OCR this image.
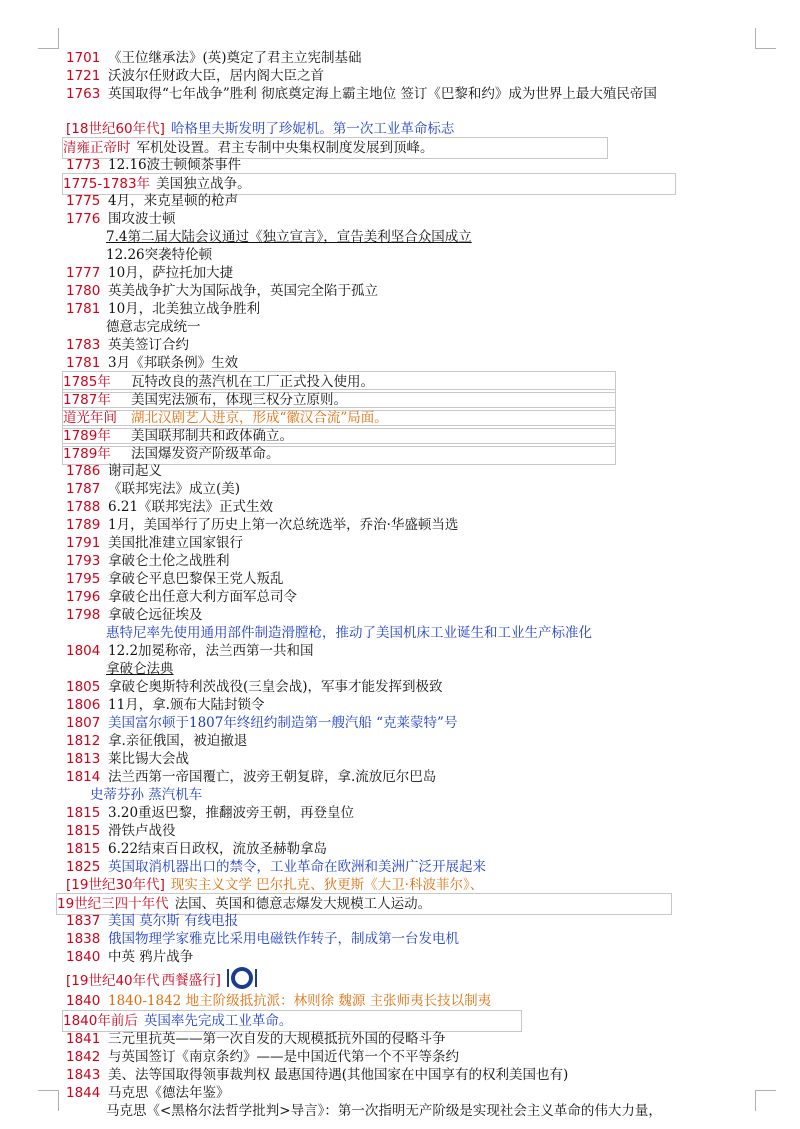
1701 《王位继承法》(英)奠定了君主立宪制基础
1721 沃波尔任财政大臣，居内阁大臣之首
1763 英国取得“七年战争”胜利 彻底奠定海上霸主地位 签订《巴黎和约》成为世界上最大殖民帝国
[18世纪60年代] 哈格里夫斯发明了珍妮机。第一次工业革命标志
清雍正帝时 军机处设置。君主专制中央集权制度发展到顶峰。
1773 12.16波士顿倾茶事件
1775-1783年 美国独立战争。
1775 4月，来克星顿的枪声
1776 围攻波士顿
7.4第二届大陆会议通过《独立宣言》，宣告美利坚合众国成立
12.26突袭特伦顿
1777 10月，萨拉托加大捷
1780 英美战争扩大为国际战争，英国完全陷于孤立
1781 10月，北美独立战争胜利
德意志完成统一
1783 英美签订合约
1781 3月《邦联条例》生效
1785年 瓦特改良的蒸汽机在工厂正式投入使用。
1787年 美国宪法颁布，体现三权分立原则。
道光年间 湖北汉剧艺人进京，形成“徽汉合流”局面。
1789年 美国联邦制共和政体确立。
1789年 法国爆发资产阶级革命。
1786 谢司起义
1787 《联邦宪法》成立(美)
1788 6.21《联邦宪法》正式生效
1789 1月，美国举行了历史上第一次总统选举，乔治·华盛顿当选
1791 美国批准建立国家银行
1793 拿破仑土伦之战胜利
1795 拿破仑平息巴黎保王党人叛乱
1796 拿破仑出任意大利方面军总司令
1798 拿破仑远征埃及
惠特尼率先使用通用部件制造滑膛枪，推动了美国机床工业诞生和工业生产标准化
1804 12.2加冕称帝，法兰西第一共和国
拿破仑法典
1805 拿破仑奥斯特利茨战役(三皇会战)，军事才能发挥到极致
1806 11月，拿.颁布大陆封锁令
1807 美国富尔顿于1807年终纽约制造第一艘汽船 “克莱蒙特”号
1812 拿.亲征俄国，被迫撤退
1813 莱比锡大会战
1814 法兰西第一帝国覆亡，波旁王朝复辟，拿.流放厄尔巴岛
史蒂芬孙 蒸汽机车
1815 3.20重返巴黎，推翻波旁王朝，再登皇位
1815 滑铁卢战役
1815 6.22结束百日政权，流放圣赫勒拿岛
1825 英国取消机器出口的禁令，工业革命在欧洲和美洲广泛开展起来
[19世纪30年代] 现实主义文学 巴尔扎克、狄更斯《大卫·科波菲尔》、
19世纪三四十年代 法国、英国和德意志爆发大规模工人运动。
1837 美国 莫尔斯 有线电报
1838 俄国物理学家雅克比采用电磁铁作转子，制成第一台发电机
1840 中英 鸦片战争
[19世纪40年代 西餐盛行]
1840 1840-1842 地主阶级抵抗派：林则徐 魏源 主张师夷长技以制夷
1840年前后 英国率先完成工业革命。
1841 三元里抗英——第一次自发的大规模抵抗外国的侵略斗争
1842 与英国签订《南京条约》——是中国近代第一个不平等条约
1843 美、法等国取得领事裁判权 最惠国待遇(其他国家在中国享有的权利美国也有)
1844 马克思《德法年鉴》
马克思《<黑格尔法哲学批判>导言》：第一次指明无产阶级是实现社会主义革命的伟大力量，
